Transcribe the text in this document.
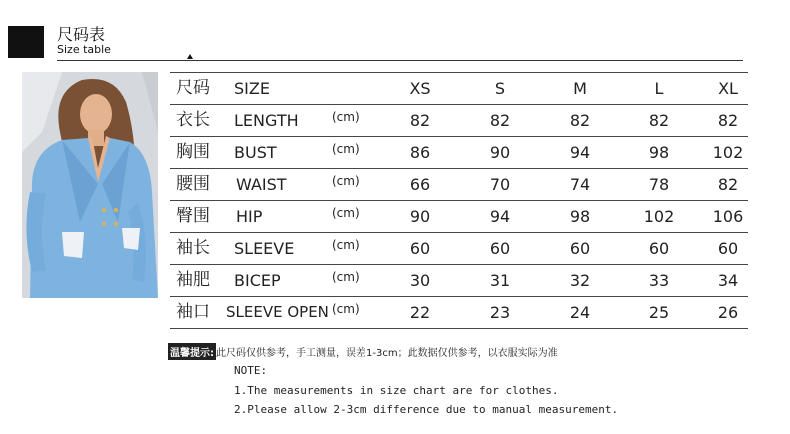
尺码表
Size table
尺码 SIZE	XS	S	M	L	XL
衣长 LENGTH	(cm)	82	82	82	82	82
胸围 BUST	(cm)	86	90	94	98	102
腰围 WAIST	(cm)	66	70	74	78	82
臀围 HIP	(cm)	90	94	98	102	106
袖长 SLEEVE	(cm)	60	60	60	60	60
袖肥 BICEP	(cm)	30	31	32	33	34
袖口 SLEEVE OPEN (cm)	22	23	24	25	26
温馨提示: 此尺码仅供参考，手工测量，误差1-3cm；此数据仅供参考，以衣服实际为准
NOTE:
1.The measurements in size chart are for clothes.
2.Please allow 2-3cm difference due to manual measurement.
